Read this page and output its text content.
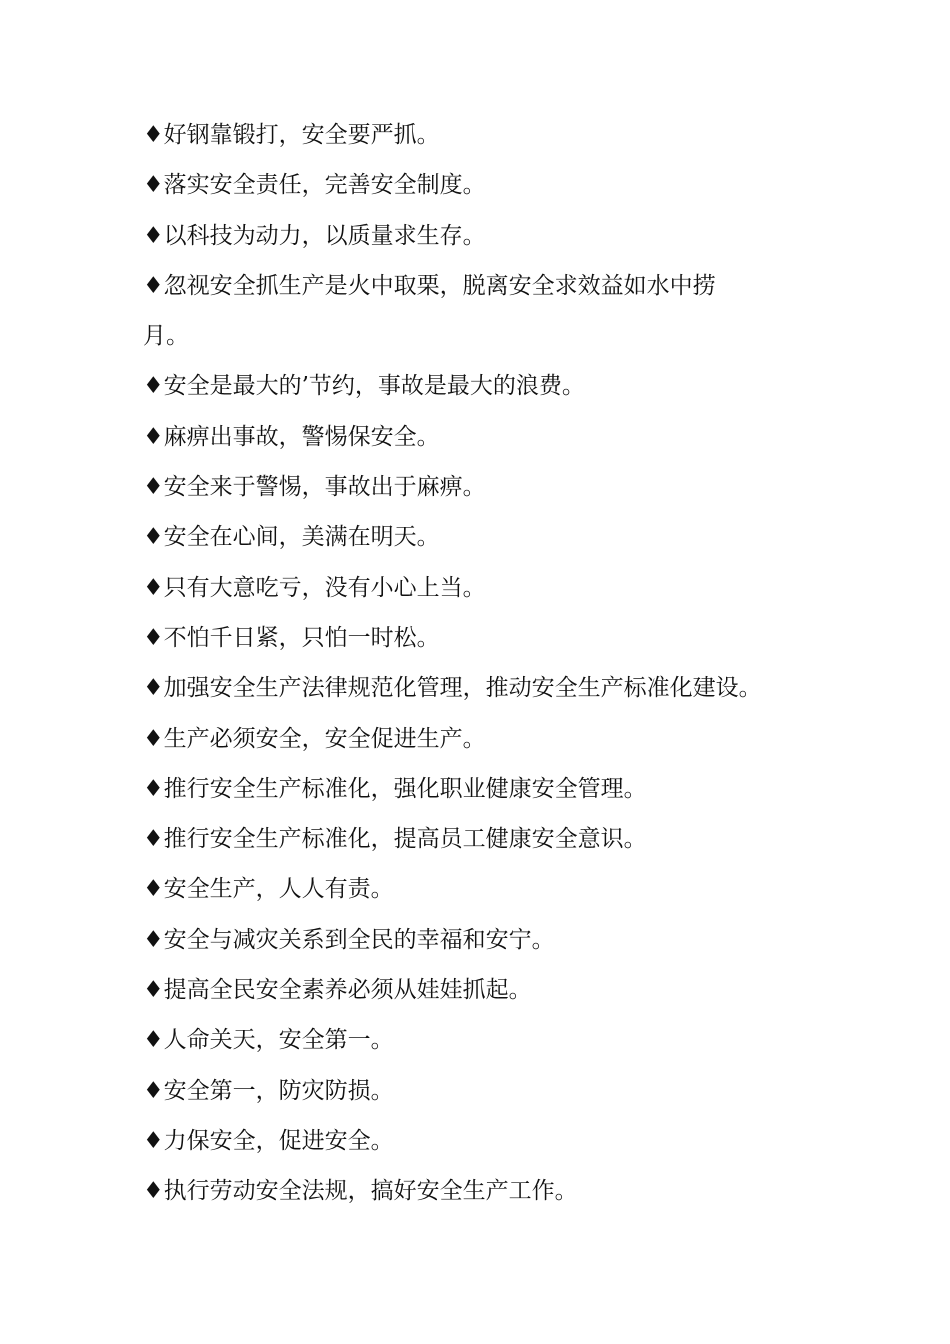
♦好钢靠锻打，安全要严抓。
♦落实安全责任，完善安全制度。
♦以科技为动力，以质量求生存。
♦忽视安全抓生产是火中取栗，脱离安全求效益如水中捞
月。
♦安全是最大的’节约，事故是最大的浪费。
♦麻痹出事故，警惕保安全。
♦安全来于警惕，事故出于麻痹。
♦安全在心间，美满在明天。
♦只有大意吃亏，没有小心上当。
♦不怕千日紧，只怕一时松。
♦加强安全生产法律规范化管理，推动安全生产标准化建设。
♦生产必须安全，安全促进生产。
♦推行安全生产标准化，强化职业健康安全管理。
♦推行安全生产标准化，提高员工健康安全意识。
♦安全生产，人人有责。
♦安全与减灾关系到全民的幸福和安宁。
♦提高全民安全素养必须从娃娃抓起。
♦人命关天，安全第一。
♦安全第一，防灾防损。
♦力保安全，促进安全。
♦执行劳动安全法规，搞好安全生产工作。
